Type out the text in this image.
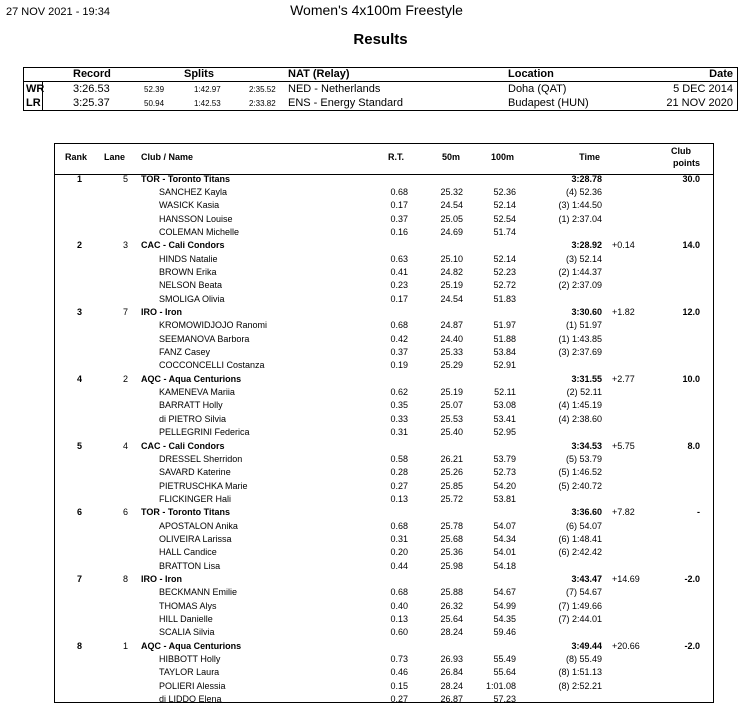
27 NOV 2021 - 19:34	Women's 4x100m Freestyle
Results
Record	Splits	NAT (Relay)	Location	Date
WR	3:26.53	52.39	1:42.97	2:35.52 NED - Netherlands	Doha (QAT)	5 DEC 2014
LR	3:25.37	50.94	1:42.53	2:33.82 ENS - Energy Standard	Budapest (HUN)	21 NOV 2020
Rank Lane Club / Name	R.T.	50m	100m	Time
Club
points
1	5 TOR - Toronto Titans	3:28.78	30.0
SANCHEZ Kayla	0.68	25.32	52.36	(4) 52.36
WASICK Kasia	0.17	24.54	52.14	(3) 1:44.50
HANSSON Louise	0.37	25.05	52.54	(1) 2:37.04
COLEMAN Michelle	0.16	24.69	51.74
2	3 CAC - Cali Condors	3:28.92 +0.14	14.0
HINDS Natalie	0.63	25.10	52.14	(3) 52.14
BROWN Erika	0.41	24.82	52.23	(2) 1:44.37
NELSON Beata	0.23	25.19	52.72	(2) 2:37.09
SMOLIGA Olivia	0.17	24.54	51.83
3	7 IRO - Iron	3:30.60 +1.82	12.0
KROMOWIDJOJO Ranomi	0.68	24.87	51.97	(1) 51.97
SEEMANOVA Barbora	0.42	24.40	51.88	(1) 1:43.85
FANZ Casey	0.37	25.33	53.84	(3) 2:37.69
COCCONCELLI Costanza	0.19	25.29	52.91
4	2 AQC - Aqua Centurions	3:31.55 +2.77	10.0
KAMENEVA Mariia	0.62	25.19	52.11	(2) 52.11
BARRATT Holly	0.35	25.07	53.08	(4) 1:45.19
di PIETRO Silvia	0.33	25.53	53.41	(4) 2:38.60
PELLEGRINI Federica	0.31	25.40	52.95
5	4 CAC - Cali Condors	3:34.53 +5.75	8.0
DRESSEL Sherridon	0.58	26.21	53.79	(5) 53.79
SAVARD Katerine	0.28	25.26	52.73	(5) 1:46.52
PIETRUSCHKA Marie	0.27	25.85	54.20	(5) 2:40.72
FLICKINGER Hali	0.13	25.72	53.81
6	6 TOR - Toronto Titans	3:36.60 +7.82	-
APOSTALON Anika	0.68	25.78	54.07	(6) 54.07
OLIVEIRA Larissa	0.31	25.68	54.34	(6) 1:48.41
HALL Candice	0.20	25.36	54.01	(6) 2:42.42
BRATTON Lisa	0.44	25.98	54.18
7	8 IRO - Iron	3:43.47 +14.69	-2.0
BECKMANN Emilie	0.68	25.88	54.67	(7) 54.67
THOMAS Alys	0.40	26.32	54.99	(7) 1:49.66
HILL Danielle	0.13	25.64	54.35	(7) 2:44.01
SCALIA Silvia	0.60	28.24	59.46
8	1 AQC - Aqua Centurions	3:49.44 +20.66	-2.0
HIBBOTT Holly	0.73	26.93	55.49	(8) 55.49
TAYLOR Laura	0.46	26.84	55.64	(8) 1:51.13
POLIERI Alessia	0.15	28.24	1:01.08	(8) 2:52.21
di LIDDO Elena	0.27	26.87	57.23
